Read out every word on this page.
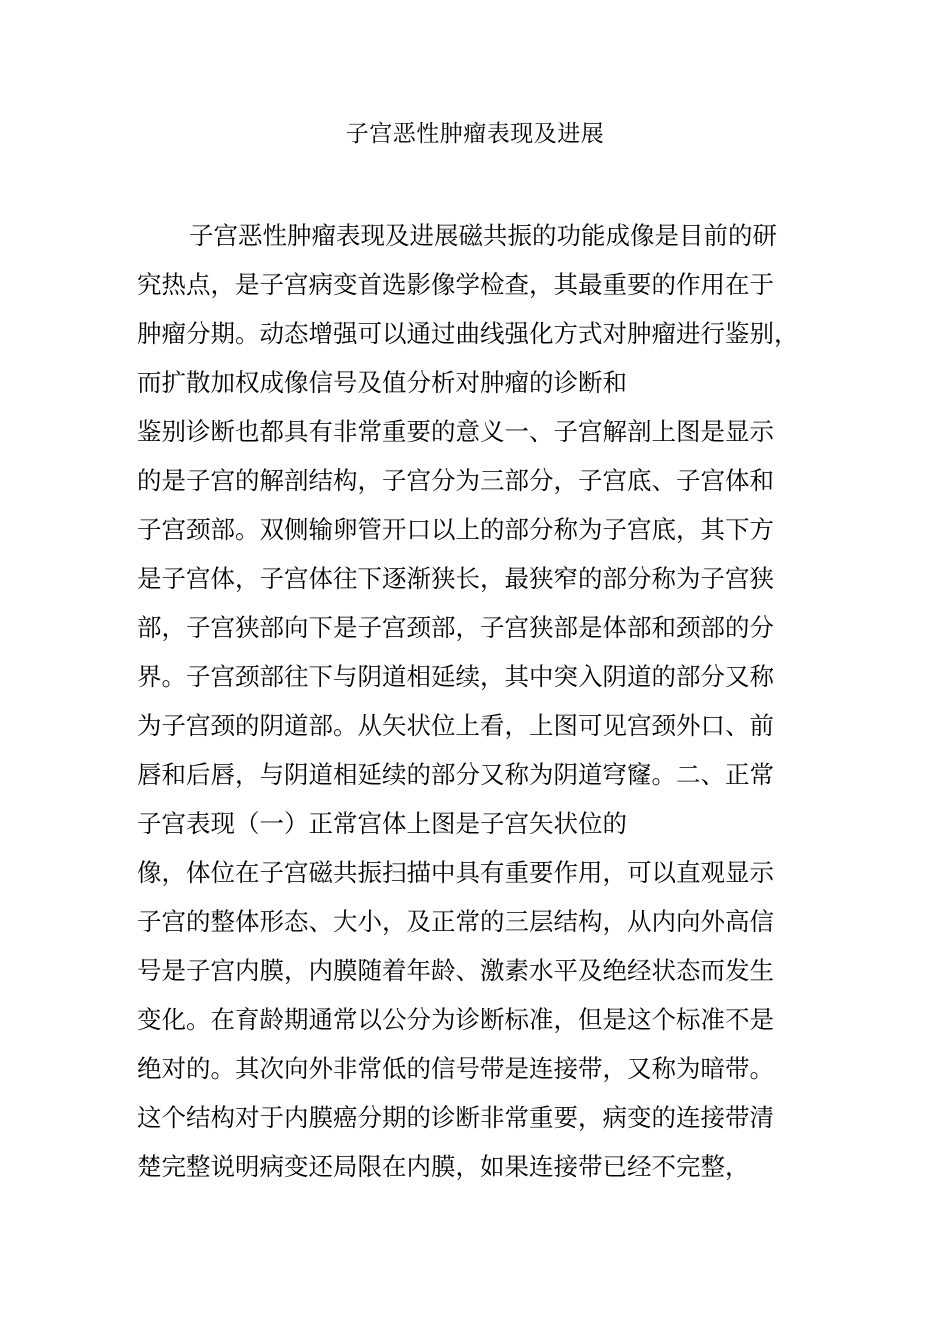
子宫恶性肿瘤表现及进展
子宫恶性肿瘤表现及进展磁共振的功能成像是目前的研
究热点，是子宫病变首选影像学检查，其最重要的作用在于
肿瘤分期。动态增强可以通过曲线强化方式对肿瘤进行鉴别，
而扩散加权成像信号及值分析对肿瘤的诊断和
鉴别诊断也都具有非常重要的意义一、子宫解剖上图是显示
的是子宫的解剖结构，子宫分为三部分，子宫底、子宫体和
子宫颈部。双侧输卵管开口以上的部分称为子宫底，其下方
是子宫体，子宫体往下逐渐狭长，最狭窄的部分称为子宫狭
部，子宫狭部向下是子宫颈部，子宫狭部是体部和颈部的分
界。子宫颈部往下与阴道相延续，其中突入阴道的部分又称
为子宫颈的阴道部。从矢状位上看，上图可见宫颈外口、前
唇和后唇，与阴道相延续的部分又称为阴道穹窿。二、正常
子宫表现（一）正常宫体上图是子宫矢状位的
像，体位在子宫磁共振扫描中具有重要作用，可以直观显示
子宫的整体形态、大小，及正常的三层结构，从内向外高信
号是子宫内膜，内膜随着年龄、激素水平及绝经状态而发生
变化。在育龄期通常以公分为诊断标准，但是这个标准不是
绝对的。其次向外非常低的信号带是连接带，又称为暗带。
这个结构对于内膜癌分期的诊断非常重要，病变的连接带清
楚完整说明病变还局限在内膜，如果连接带已经不完整，
